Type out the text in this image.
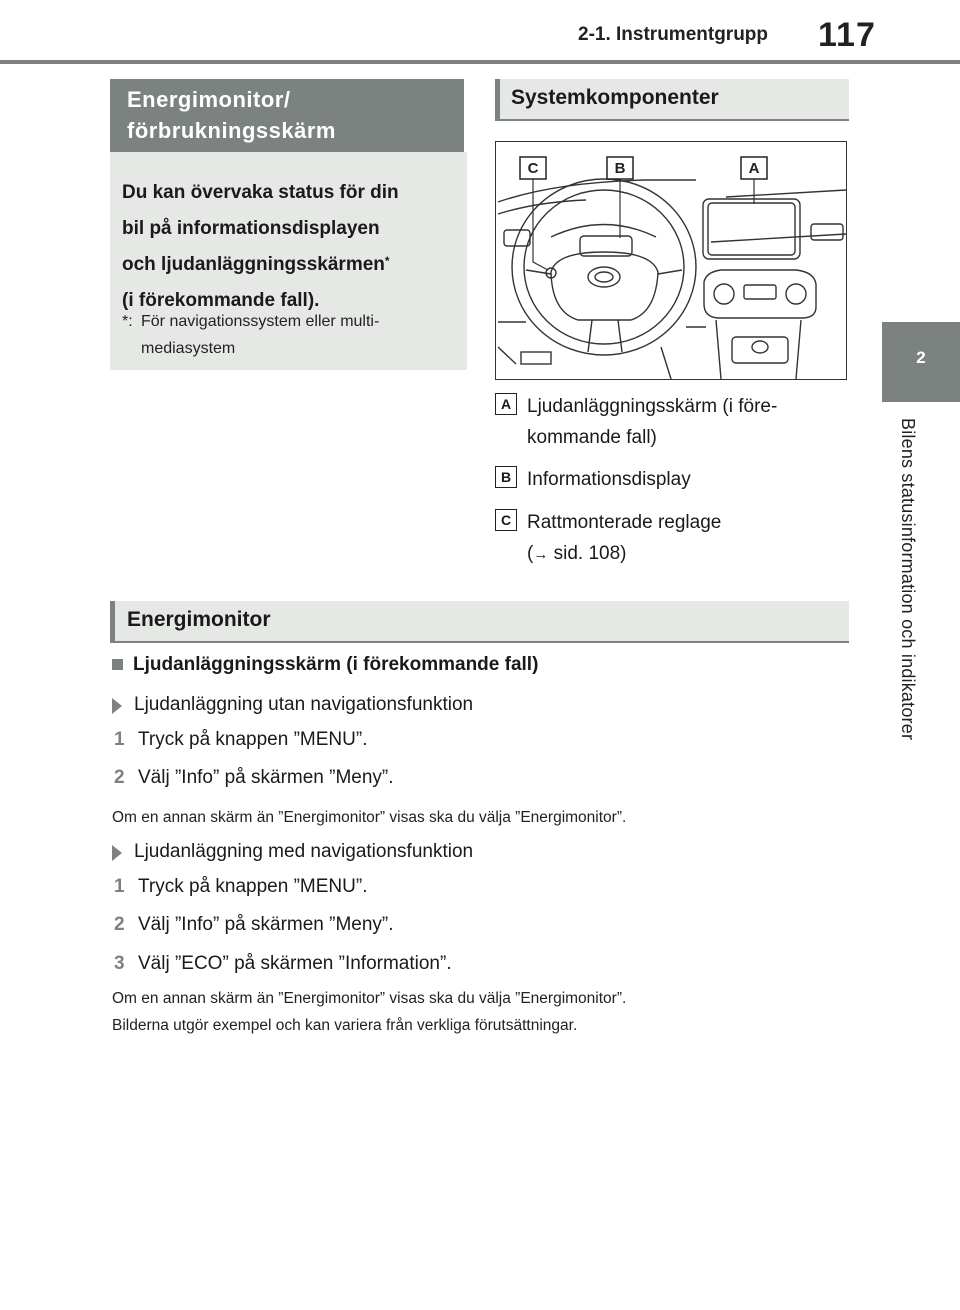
2-1. Instrumentgrupp 117
2
Bilens statusinformation och indikatorer
Energimonitor/
förbrukningsskärm
Du kan övervaka status för din
bil på informationsdisplayen
och ljudanläggningsskärmen*
(i förekommande fall).
*: För navigationssystem eller multi-
mediasystem
Systemkomponenter
C	B	A
A Ljudanläggningsskärm (i före-
kommande fall)
B Informationsdisplay
C Rattmonterade reglage
(→ sid. 108)
Energimonitor
Ljudanläggningsskärm (i förekommande fall)
Ljudanläggning utan navigationsfunktion
1 Tryck på knappen ”MENU”.
2 Välj ”Info” på skärmen ”Meny”.
Om en annan skärm än ”Energimonitor” visas ska du välja ”Energimonitor”.
Ljudanläggning med navigationsfunktion
1 Tryck på knappen ”MENU”.
2 Välj ”Info” på skärmen ”Meny”.
3 Välj ”ECO” på skärmen ”Information”.
Om en annan skärm än ”Energimonitor” visas ska du välja ”Energimonitor”.
Bilderna utgör exempel och kan variera från verkliga förutsättningar.
